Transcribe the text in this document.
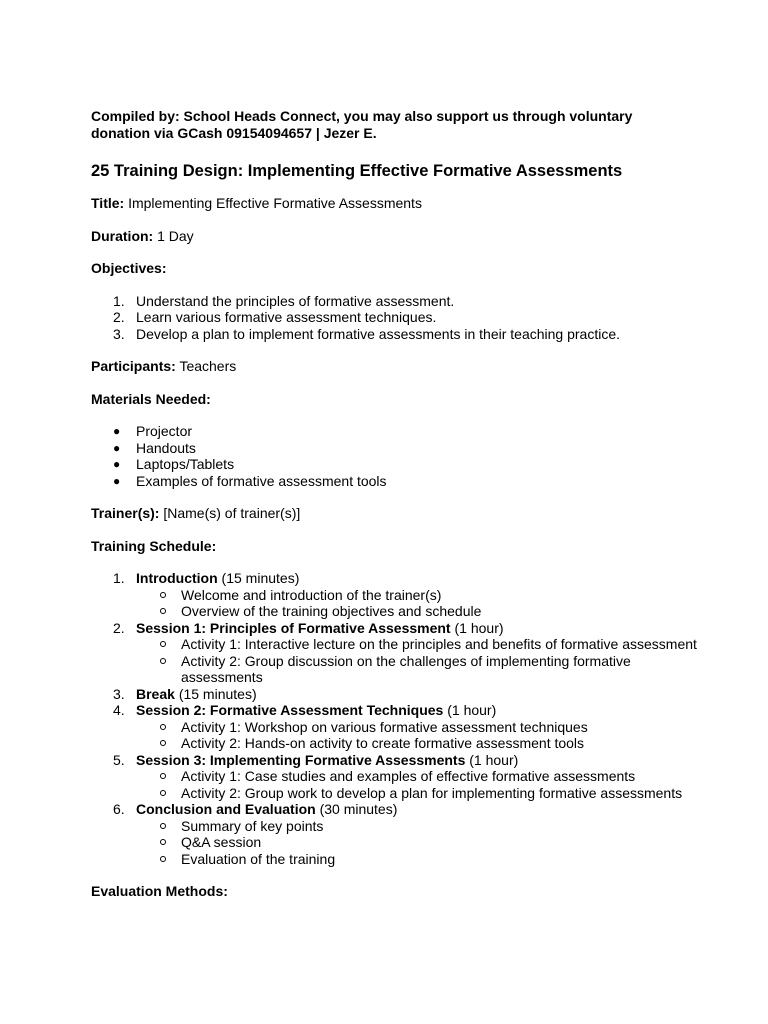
Compiled by: School Heads Connect, you may also support us through voluntary
donation via GCash 09154094657 | Jezer E.
25 Training Design: Implementing Effective Formative Assessments
Title: Implementing Effective Formative Assessments
Duration: 1 Day
Objectives:
1. Understand the principles of formative assessment.
2. Learn various formative assessment techniques.
3. Develop a plan to implement formative assessments in their teaching practice.
Participants: Teachers
Materials Needed:
● Projector
● Handouts
● Laptops/Tablets
● Examples of formative assessment tools
Trainer(s): [Name(s) of trainer(s)]
Training Schedule:
1. Introduction (15 minutes)
Welcome and introduction of the trainer(s)
Overview of the training objectives and schedule
2. Session 1: Principles of Formative Assessment (1 hour)
Activity 1: Interactive lecture on the principles and benefits of formative assessment
Activity 2: Group discussion on the challenges of implementing formative assessments
3. Break (15 minutes)
4. Session 2: Formative Assessment Techniques (1 hour)
Activity 1: Workshop on various formative assessment techniques
Activity 2: Hands-on activity to create formative assessment tools
5. Session 3: Implementing Formative Assessments (1 hour)
Activity 1: Case studies and examples of effective formative assessments
Activity 2: Group work to develop a plan for implementing formative assessments
6. Conclusion and Evaluation (30 minutes)
Summary of key points
Q&A session
Evaluation of the training
Evaluation Methods:
